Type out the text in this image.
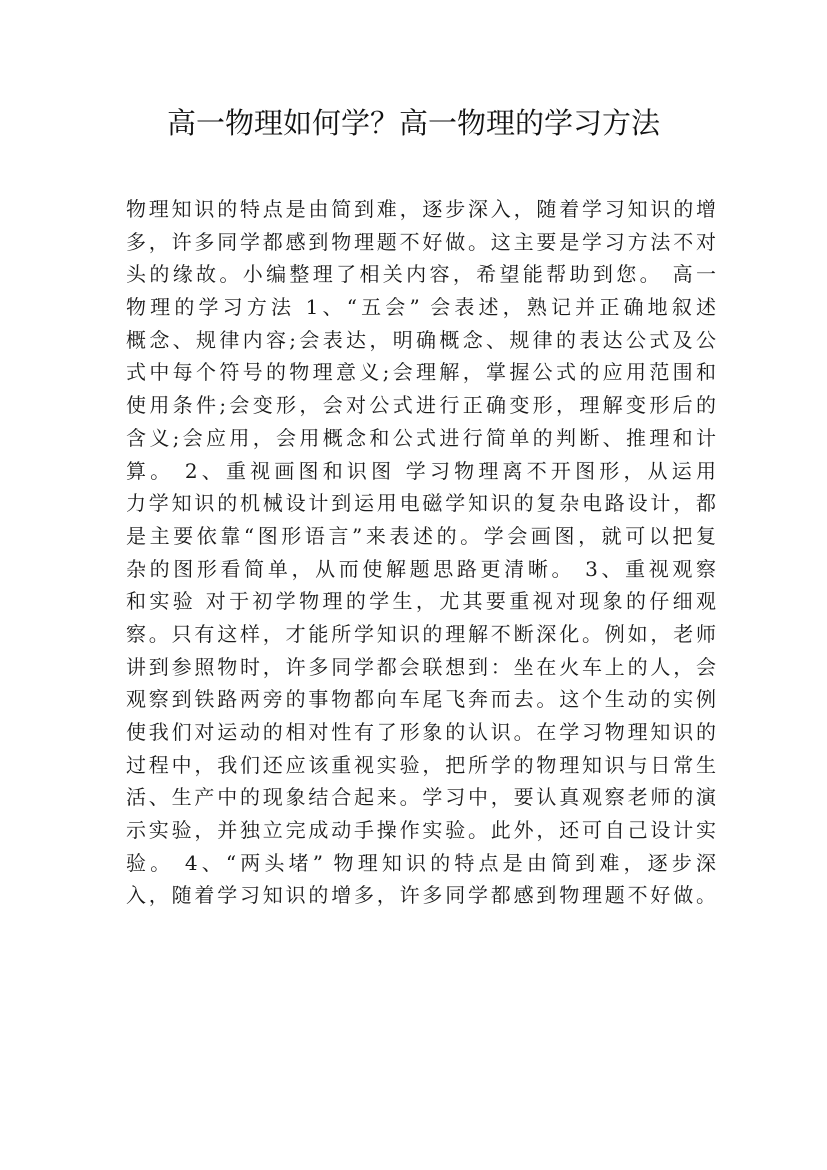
高一物理如何学？高一物理的学习方法
物理知识的特点是由简到难，逐步深入，随着学习知识的增
多，许多同学都感到物理题不好做。这主要是学习方法不对
头的缘故。小编整理了相关内容，希望能帮助到您。 高一
物理的学习方法 1、“五会” 会表述，熟记并正确地叙述
概念、规律内容;会表达，明确概念、规律的表达公式及公
式中每个符号的物理意义;会理解，掌握公式的应用范围和
使用条件;会变形，会对公式进行正确变形，理解变形后的
含义;会应用，会用概念和公式进行简单的判断、推理和计
算。 2、重视画图和识图 学习物理离不开图形，从运用
力学知识的机械设计到运用电磁学知识的复杂电路设计，都
是主要依靠“图形语言”来表述的。学会画图，就可以把复
杂的图形看简单，从而使解题思路更清晰。 3、重视观察
和实验 对于初学物理的学生，尤其要重视对现象的仔细观
察。只有这样，才能所学知识的理解不断深化。例如，老师
讲到参照物时，许多同学都会联想到：坐在火车上的人，会
观察到铁路两旁的事物都向车尾飞奔而去。这个生动的实例
使我们对运动的相对性有了形象的认识。在学习物理知识的
过程中，我们还应该重视实验，把所学的物理知识与日常生
活、生产中的现象结合起来。学习中，要认真观察老师的演
示实验，并独立完成动手操作实验。此外，还可自己设计实
验。 4、“两头堵” 物理知识的特点是由简到难，逐步深
入，随着学习知识的增多，许多同学都感到物理题不好做。
